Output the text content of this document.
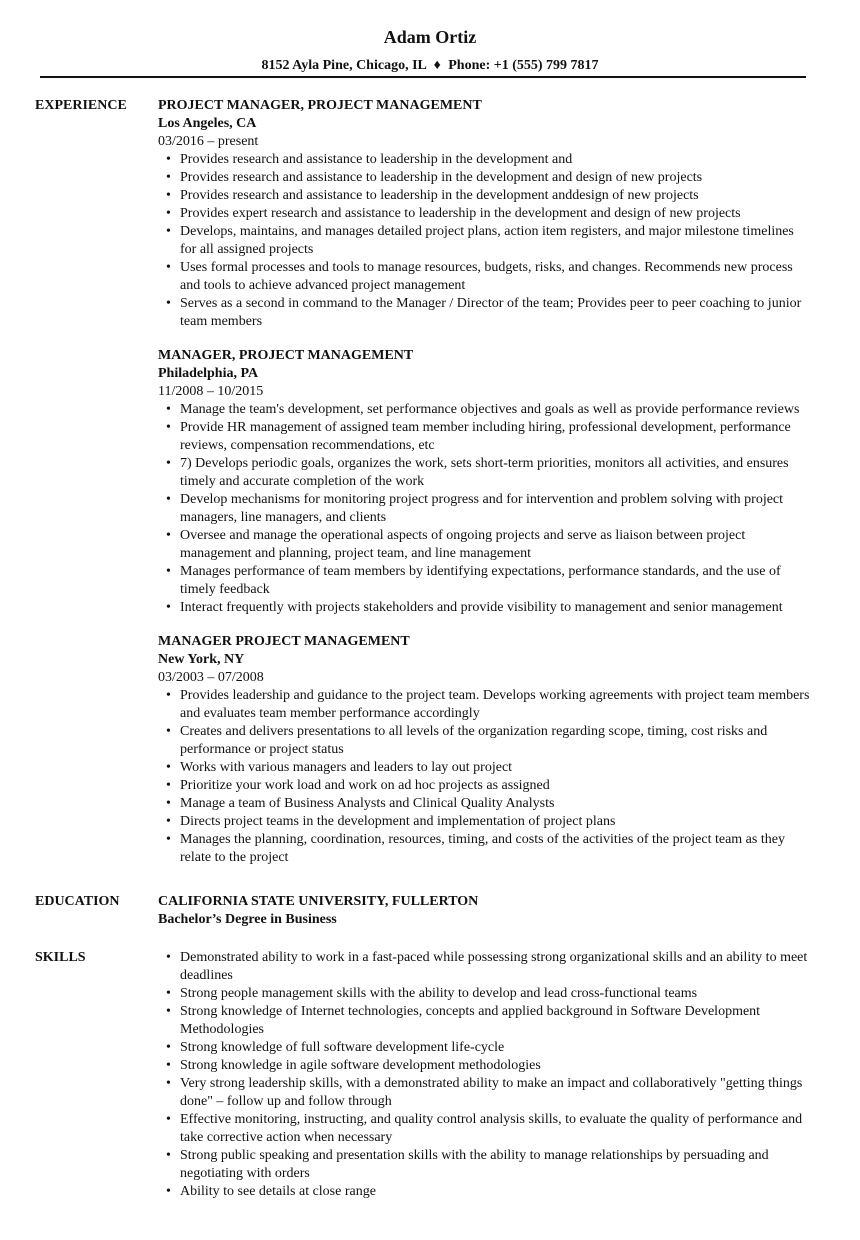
Adam Ortiz
8152 Ayla Pine, Chicago, IL ♦ Phone: +1 (555) 799 7817
EXPERIENCE	PROJECT MANAGER, PROJECT MANAGEMENT
Los Angeles, CA
03/2016 – present
• Provides research and assistance to leadership in the development and
• Provides research and assistance to leadership in the development and design of new projects
• Provides research and assistance to leadership in the development anddesign of new projects
• Provides expert research and assistance to leadership in the development and design of new projects
• Develops, maintains, and manages detailed project plans, action item registers, and major milestone timelines for all assigned projects
• Uses formal processes and tools to manage resources, budgets, risks, and changes. Recommends new process and tools to achieve advanced project management
• Serves as a second in command to the Manager / Director of the team; Provides peer to peer coaching to junior team members
MANAGER, PROJECT MANAGEMENT
Philadelphia, PA
11/2008 – 10/2015
• Manage the team's development, set performance objectives and goals as well as provide performance reviews
• Provide HR management of assigned team member including hiring, professional development, performance reviews, compensation recommendations, etc
• 7) Develops periodic goals, organizes the work, sets short-term priorities, monitors all activities, and ensures timely and accurate completion of the work
• Develop mechanisms for monitoring project progress and for intervention and problem solving with project managers, line managers, and clients
• Oversee and manage the operational aspects of ongoing projects and serve as liaison between project management and planning, project team, and line management
• Manages performance of team members by identifying expectations, performance standards, and the use of timely feedback
• Interact frequently with projects stakeholders and provide visibility to management and senior management
MANAGER PROJECT MANAGEMENT
New York, NY
03/2003 – 07/2008
• Provides leadership and guidance to the project team. Develops working agreements with project team members and evaluates team member performance accordingly
• Creates and delivers presentations to all levels of the organization regarding scope, timing, cost risks and performance or project status
• Works with various managers and leaders to lay out project
• Prioritize your work load and work on ad hoc projects as assigned
• Manage a team of Business Analysts and Clinical Quality Analysts
• Directs project teams in the development and implementation of project plans
• Manages the planning, coordination, resources, timing, and costs of the activities of the project team as they relate to the project
EDUCATION	CALIFORNIA STATE UNIVERSITY, FULLERTON
Bachelor’s Degree in Business
SKILLS
•	Demonstrated ability to work in a fast-paced while possessing strong organizational skills and an ability to meet deadlines
• Strong people management skills with the ability to develop and lead cross-functional teams
• Strong knowledge of Internet technologies, concepts and applied background in Software Development Methodologies
• Strong knowledge of full software development life-cycle
• Strong knowledge in agile software development methodologies
• Very strong leadership skills, with a demonstrated ability to make an impact and collaboratively "getting things done" – follow up and follow through
• Effective monitoring, instructing, and quality control analysis skills, to evaluate the quality of performance and take corrective action when necessary
• Strong public speaking and presentation skills with the ability to manage relationships by persuading and negotiating with orders
• Ability to see details at close range
